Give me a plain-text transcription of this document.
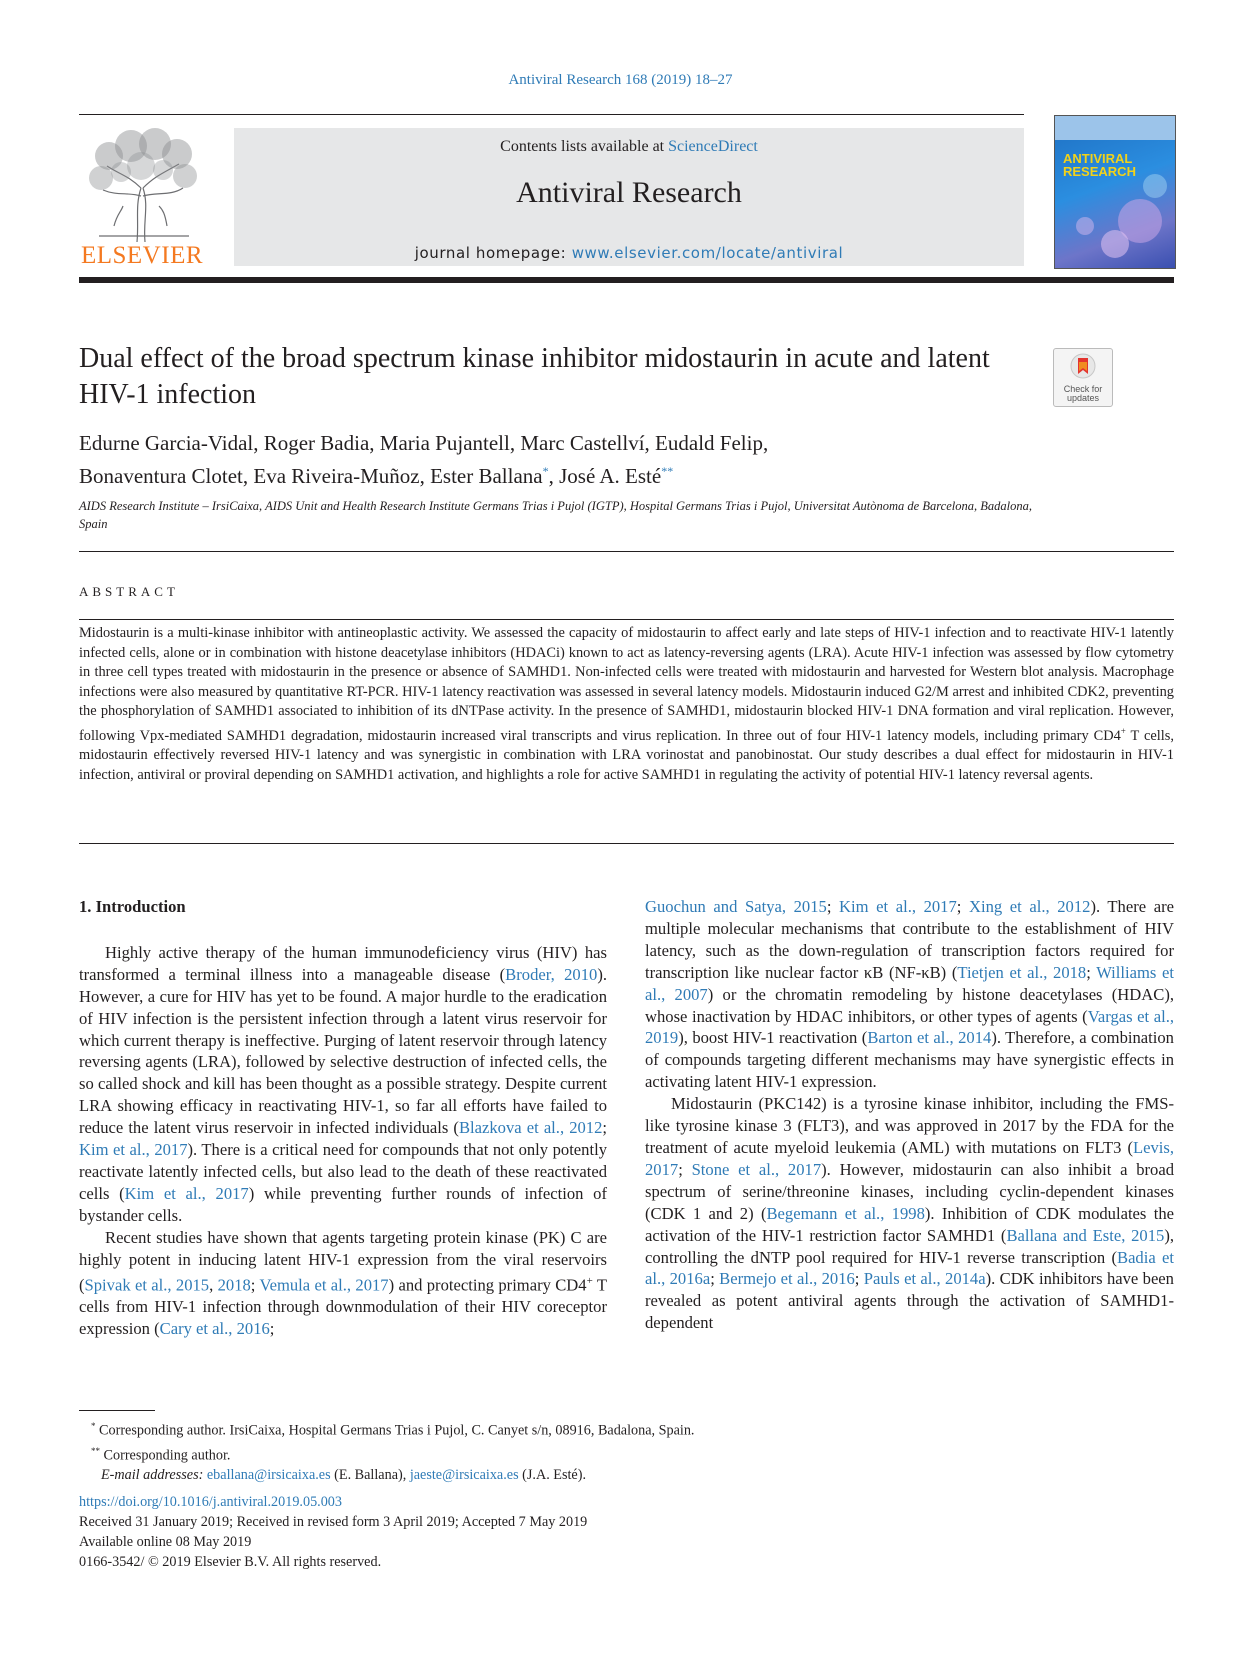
Antiviral Research 168 (2019) 18–27
ELSEVIER
Contents lists available at ScienceDirect
Antiviral Research
journal homepage: www.elsevier.com/locate/antiviral
ANTIVIRAL RESEARCH
Dual effect of the broad spectrum kinase inhibitor midostaurin in acute and latent HIV-1 infection	Check for updates
Edurne Garcia-Vidal, Roger Badia, Maria Pujantell, Marc Castellví, Eudald Felip,
Bonaventura Clotet, Eva Riveira-Muñoz, Ester Ballana*, José A. Esté**
AIDS Research Institute – IrsiCaixa, AIDS Unit and Health Research Institute Germans Trias i Pujol (IGTP), Hospital Germans Trias i Pujol, Universitat Autònoma de Barcelona, Badalona, Spain
ABSTRACT
Midostaurin is a multi-kinase inhibitor with antineoplastic activity. We assessed the capacity of midostaurin to affect early and late steps of HIV-1 infection and to reactivate HIV-1 latently infected cells, alone or in combination with histone deacetylase inhibitors (HDACi) known to act as latency-reversing agents (LRA). Acute HIV-1 infection was assessed by flow cytometry in three cell types treated with midostaurin in the presence or absence of SAMHD1. Non-infected cells were treated with midostaurin and harvested for Western blot analysis. Macrophage infections were also measured by quantitative RT-PCR. HIV-1 latency reactivation was assessed in several latency models. Midostaurin induced G2/M arrest and inhibited CDK2, preventing the phosphorylation of SAMHD1 associated to inhibition of its dNTPase activity. In the presence of SAMHD1, midostaurin blocked HIV-1 DNA formation and viral replication. However, following Vpx-mediated SAMHD1 degradation, midostaurin increased viral transcripts and virus replication. In three out of four HIV-1 latency models, including primary CD4+ T cells, midostaurin effectively reversed HIV-1 latency and was synergistic in combination with LRA vorinostat and panobinostat. Our study describes a dual effect for midostaurin in HIV-1 infection, antiviral or proviral depending on SAMHD1 activation, and highlights a role for active SAMHD1 in regulating the activity of potential HIV-1 latency reversal agents.
1. Introduction

Highly active therapy of the human immunodeficiency virus (HIV) has transformed a terminal illness into a manageable disease (Broder, 2010). However, a cure for HIV has yet to be found. A major hurdle to the eradication of HIV infection is the persistent infection through a latent virus reservoir for which current therapy is ineffective. Purging of latent reservoir through latency reversing agents (LRA), followed by selective destruction of infected cells, the so called shock and kill has been thought as a possible strategy. Despite current LRA showing efficacy in reactivating HIV-1, so far all efforts have failed to reduce the latent virus reservoir in infected individuals (Blazkova et al., 2012; Kim et al., 2017). There is a critical need for compounds that not only potently reactivate latently infected cells, but also lead to the death of these reactivated cells (Kim et al., 2017) while preventing further rounds of infection of bystander cells.

Recent studies have shown that agents targeting protein kinase (PK) C are highly potent in inducing latent HIV-1 expression from the viral reservoirs (Spivak et al., 2015, 2018; Vemula et al., 2017) and protecting primary CD4+ T cells from HIV-1 infection through downmodulation of their HIV coreceptor expression (Cary et al., 2016;

Guochun and Satya, 2015; Kim et al., 2017; Xing et al., 2012). There are multiple molecular mechanisms that contribute to the establishment of HIV latency, such as the down-regulation of transcription factors required for transcription like nuclear factor κB (NF-κB) (Tietjen et al., 2018; Williams et al., 2007) or the chromatin remodeling by histone deacetylases (HDAC), whose inactivation by HDAC inhibitors, or other types of agents (Vargas et al., 2019), boost HIV-1 reactivation (Barton et al., 2014). Therefore, a combination of compounds targeting different mechanisms may have synergistic effects in activating latent HIV-1 expression.

Midostaurin (PKC142) is a tyrosine kinase inhibitor, including the FMS-like tyrosine kinase 3 (FLT3), and was approved in 2017 by the FDA for the treatment of acute myeloid leukemia (AML) with mutations on FLT3 (Levis, 2017; Stone et al., 2017). However, midostaurin can also inhibit a broad spectrum of serine/threonine kinases, including cyclin-dependent kinases (CDK 1 and 2) (Begemann et al., 1998). Inhibition of CDK modulates the activation of the HIV-1 restriction factor SAMHD1 (Ballana and Este, 2015), controlling the dNTP pool required for HIV-1 reverse transcription (Badia et al., 2016a; Bermejo et al., 2016; Pauls et al., 2014a). CDK inhibitors have been revealed as potent antiviral agents through the activation of SAMHD1-dependent

* Corresponding author. IrsiCaixa, Hospital Germans Trias i Pujol, C. Canyet s/n, 08916, Badalona, Spain.

** Corresponding author.

E-mail addresses: eballana@irsicaixa.es (E. Ballana), jaeste@irsicaixa.es (J.A. Esté).

https://doi.org/10.1016/j.antiviral.2019.05.003

Received 31 January 2019; Received in revised form 3 April 2019; Accepted 7 May 2019

Available online 08 May 2019

0166-3542/ © 2019 Elsevier B.V. All rights reserved.
